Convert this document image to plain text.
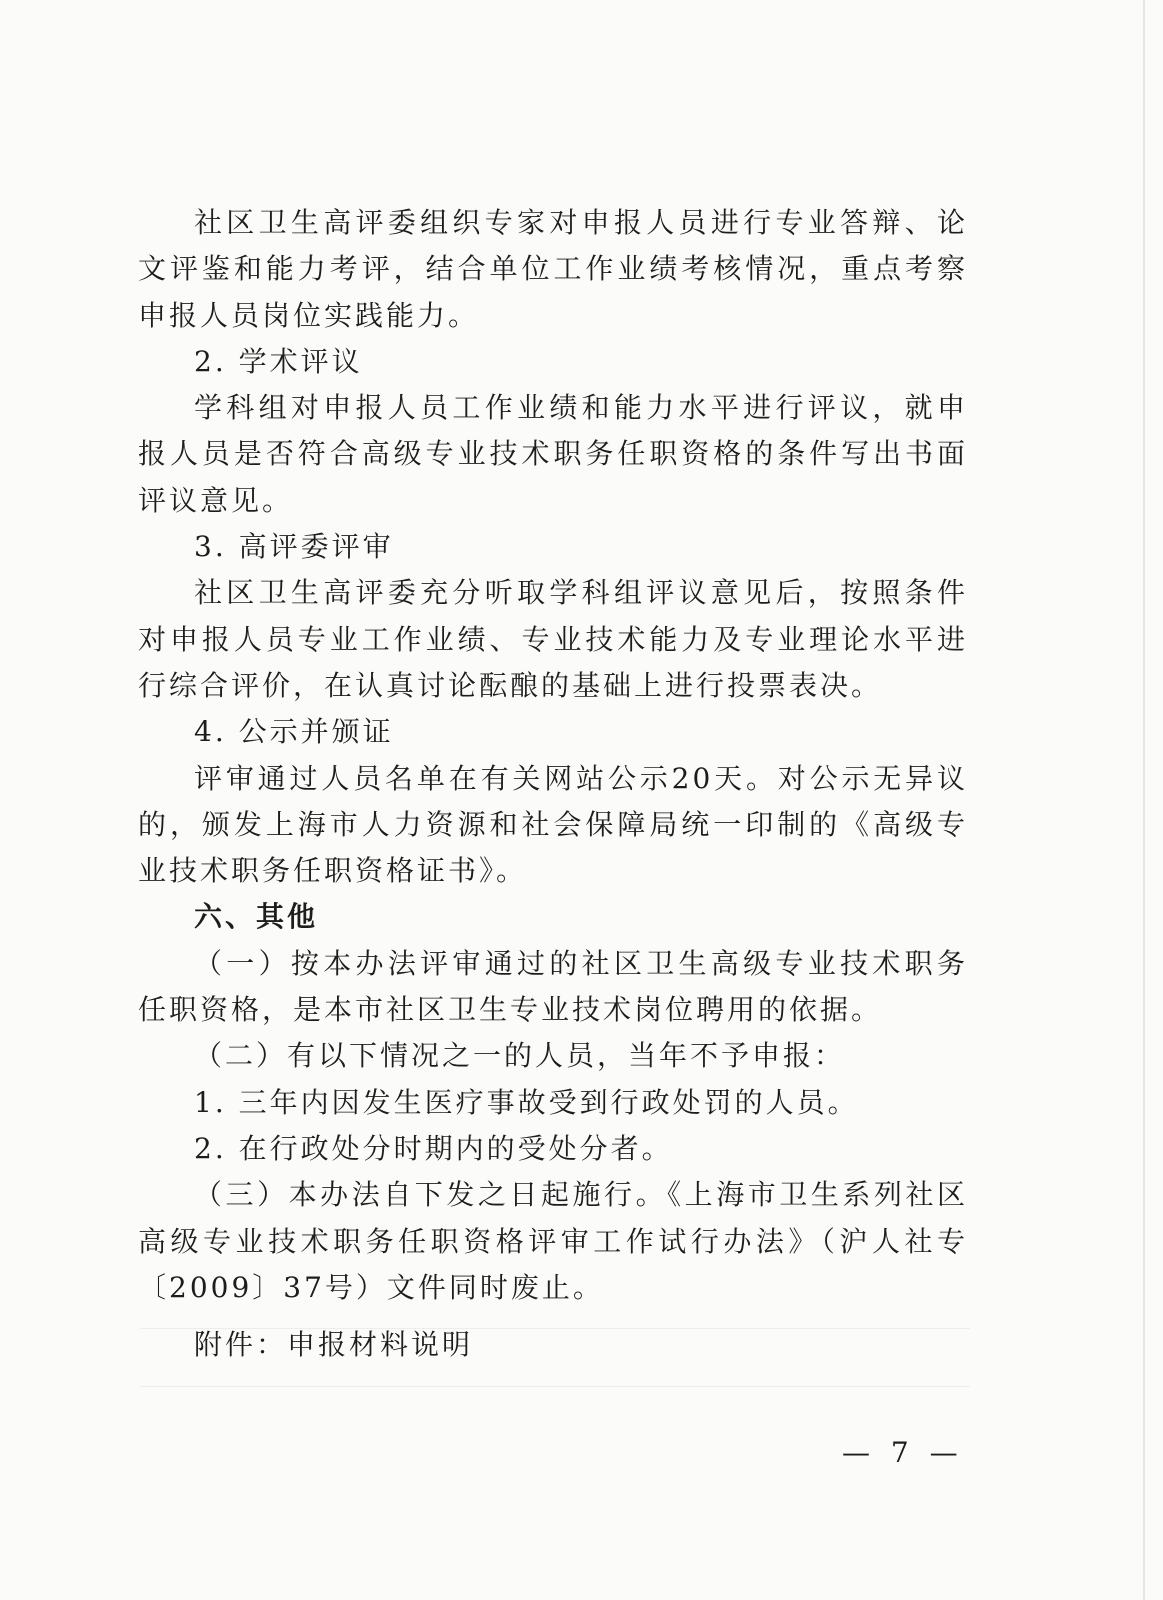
社区卫生高评委组织专家对申报人员进行专业答辩、论文评鉴和能力考评，结合单位工作业绩考核情况，重点考察申报人员岗位实践能力。

2. 学术评议

学科组对申报人员工作业绩和能力水平进行评议，就申报人员是否符合高级专业技术职务任职资格的条件写出书面评议意见。

3. 高评委评审

社区卫生高评委充分听取学科组评议意见后，按照条件对申报人员专业工作业绩、专业技术能力及专业理论水平进行综合评价，在认真讨论酝酿的基础上进行投票表决。

4. 公示并颁证

评审通过人员名单在有关网站公示20天。对公示无异议的，颁发上海市人力资源和社会保障局统一印制的《高级专业技术职务任职资格证书》。

六、其他

（一）按本办法评审通过的社区卫生高级专业技术职务任职资格，是本市社区卫生专业技术岗位聘用的依据。

（二）有以下情况之一的人员，当年不予申报：

1. 三年内因发生医疗事故受到行政处罚的人员。

2. 在行政处分时期内的受处分者。

（三）本办法自下发之日起施行。《上海市卫生系列社区高级专业技术职务任职资格评审工作试行办法》（沪人社专〔2009〕37号）文件同时废止。

附件：申报材料说明
— 7 —
